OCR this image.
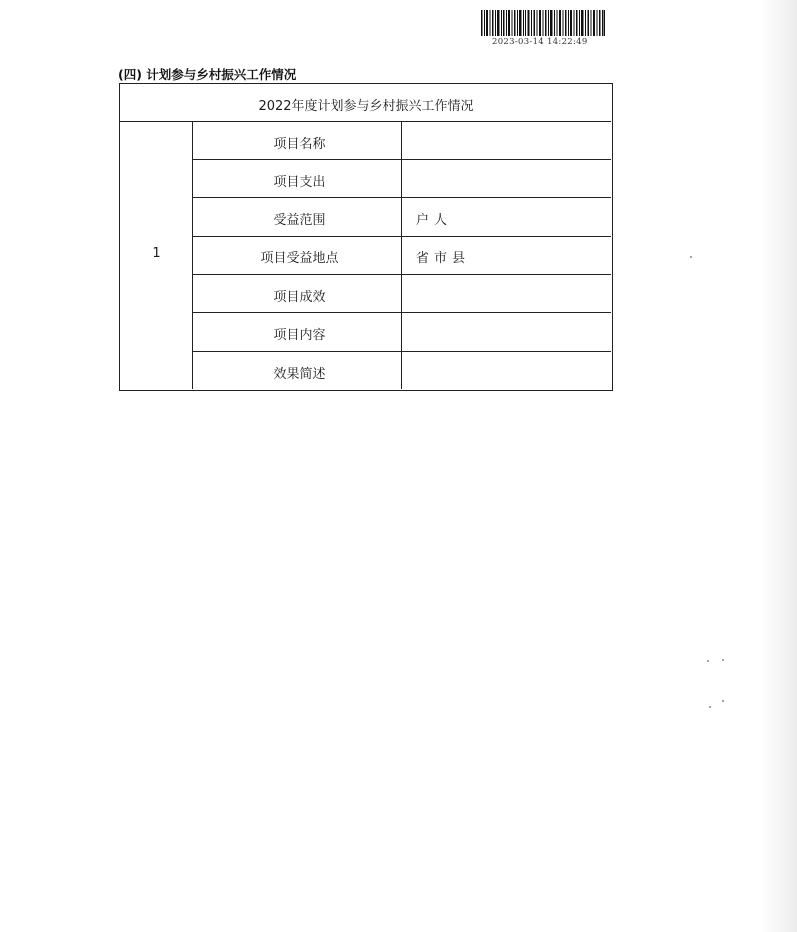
2023-03-14 14:22:49
(四) 计划参与乡村振兴工作情况
2022年度计划参与乡村振兴工作情况
1
项目名称
项目支出
受益范围
项目受益地点
项目成效
项目内容
效果简述
户人
省市县
